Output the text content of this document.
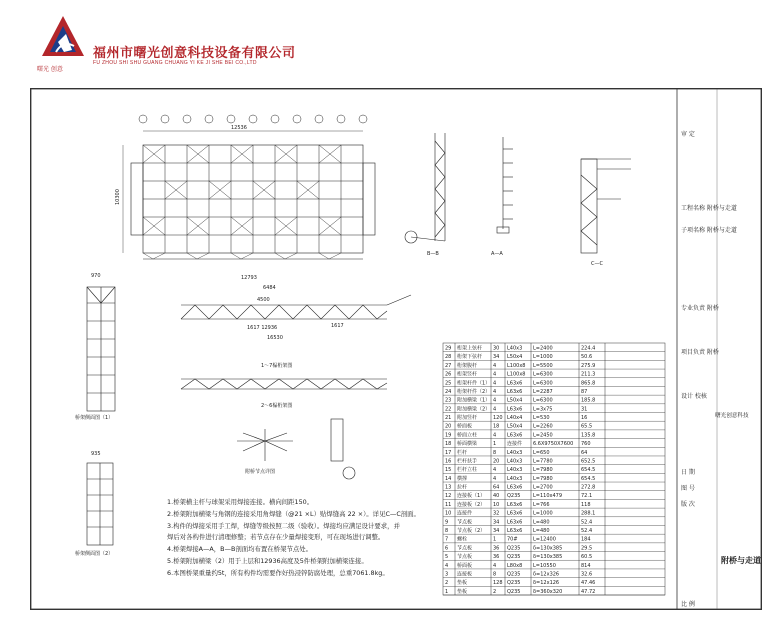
福州市曙光创意科技设备有限公司
FU ZHOU SHI SHU GUANG CHUANG YI KE JI SHE BEI CO.,LTD
曙光 创意
12536
10300
B—B	A—A
C—C
12793
6484
4500
1617 12936
16530
1617
1～7榀桁架图
2～6榀桁架图
970
桥架侧面图（1）
935
桥架侧面图（2）
附桥节点详图
29 桁架上弦杆 30 L40x3 L=2400	224.4
28 桁架下弦杆 34 L50x4 L=1000	50.6
27 桁架腹杆	4 L100x8 L=5500	275.9
26 桁架竖杆	4 L100x8 L=6300	211.3
25 桁架杆件（1） 4 L63x6 L=6300	865.8
24 桁架杆件（2） 4 L63x6 L=2287	87
23 附加横梁（1） 4 L50x4 L=6300	185.8
22 附加横梁（2） 4 L63x6 L=3x75	31
21 附加竖杆	120 L40x4 L=530	16
20 桥面板	18 L50x4 L=2260	65.5
19 桥面立柱	4 L63x6 L=2450	135.8
18 桥面横梁	1 连接件 6.6X9750X7600 760
17 栏杆	8 L40x3 L=650	64
16 栏杆扶手	20 L40x3 L=7780	652.5
15 栏杆立柱	4 L40x3 L=7980	654.5
14 横撑	4 L40x3 L=7980	654.5
13 拉杆	64 L63x6 L=2700	272.8
12 连接板（1） 40 Q235	L=110x479	72.1
11 连接板（2） 10 L63x6 L=766	118
10 连接件	32 L63x6 L=1000	288.1
9 节点板	34 L63x6 L=480	52.4
8 节点板（2） 34 L63x6 L=480	52.4
7 螺栓	1 70#	L=12400	184
6 节点板	36 Q235	δ=130x385	29.5
5 节点板	36 Q235	δ=130x385	60.5
4 桥面板	4 L80x8 L=10550	814
3 连接板	8 Q235	δ=12x326	32.6
2 垫板	128 Q235	δ=12x126	47.46
1 垫板	2 Q235	δ=360x320	47.72
1.桥架横主杆与球架采用焊接连接。横向间距150。
2.桥架附加横梁与角钢的连接采用角焊缝（@21 ×L）贴焊缝高 22 ×）。详见C—C剖面。
3.构件的焊接采用手工焊，焊缝等级按照二级（验收）。焊接均应满足设计要求，并
焊后对各构件进行清理修整；若节点存在少量焊接变形，可在现场进行调整。
4.桥架焊接A—A，B—B剖面均布置在桥架节点处。
5.桥架附加横梁（2）用于上层和12936高度及5件桥架附加横梁连接。
6.本图桥架重量约5t，所有构件均需要作好热浸锌防腐处理，总重7061.8kg。
审 定
工程名称 附桥与走道
子项名称 附桥与走道
专业负责 附桥
项目负责 附桥
设计 校核
日 期
图 号
版 次
比 例
曙光创意科技
附桥与走道
